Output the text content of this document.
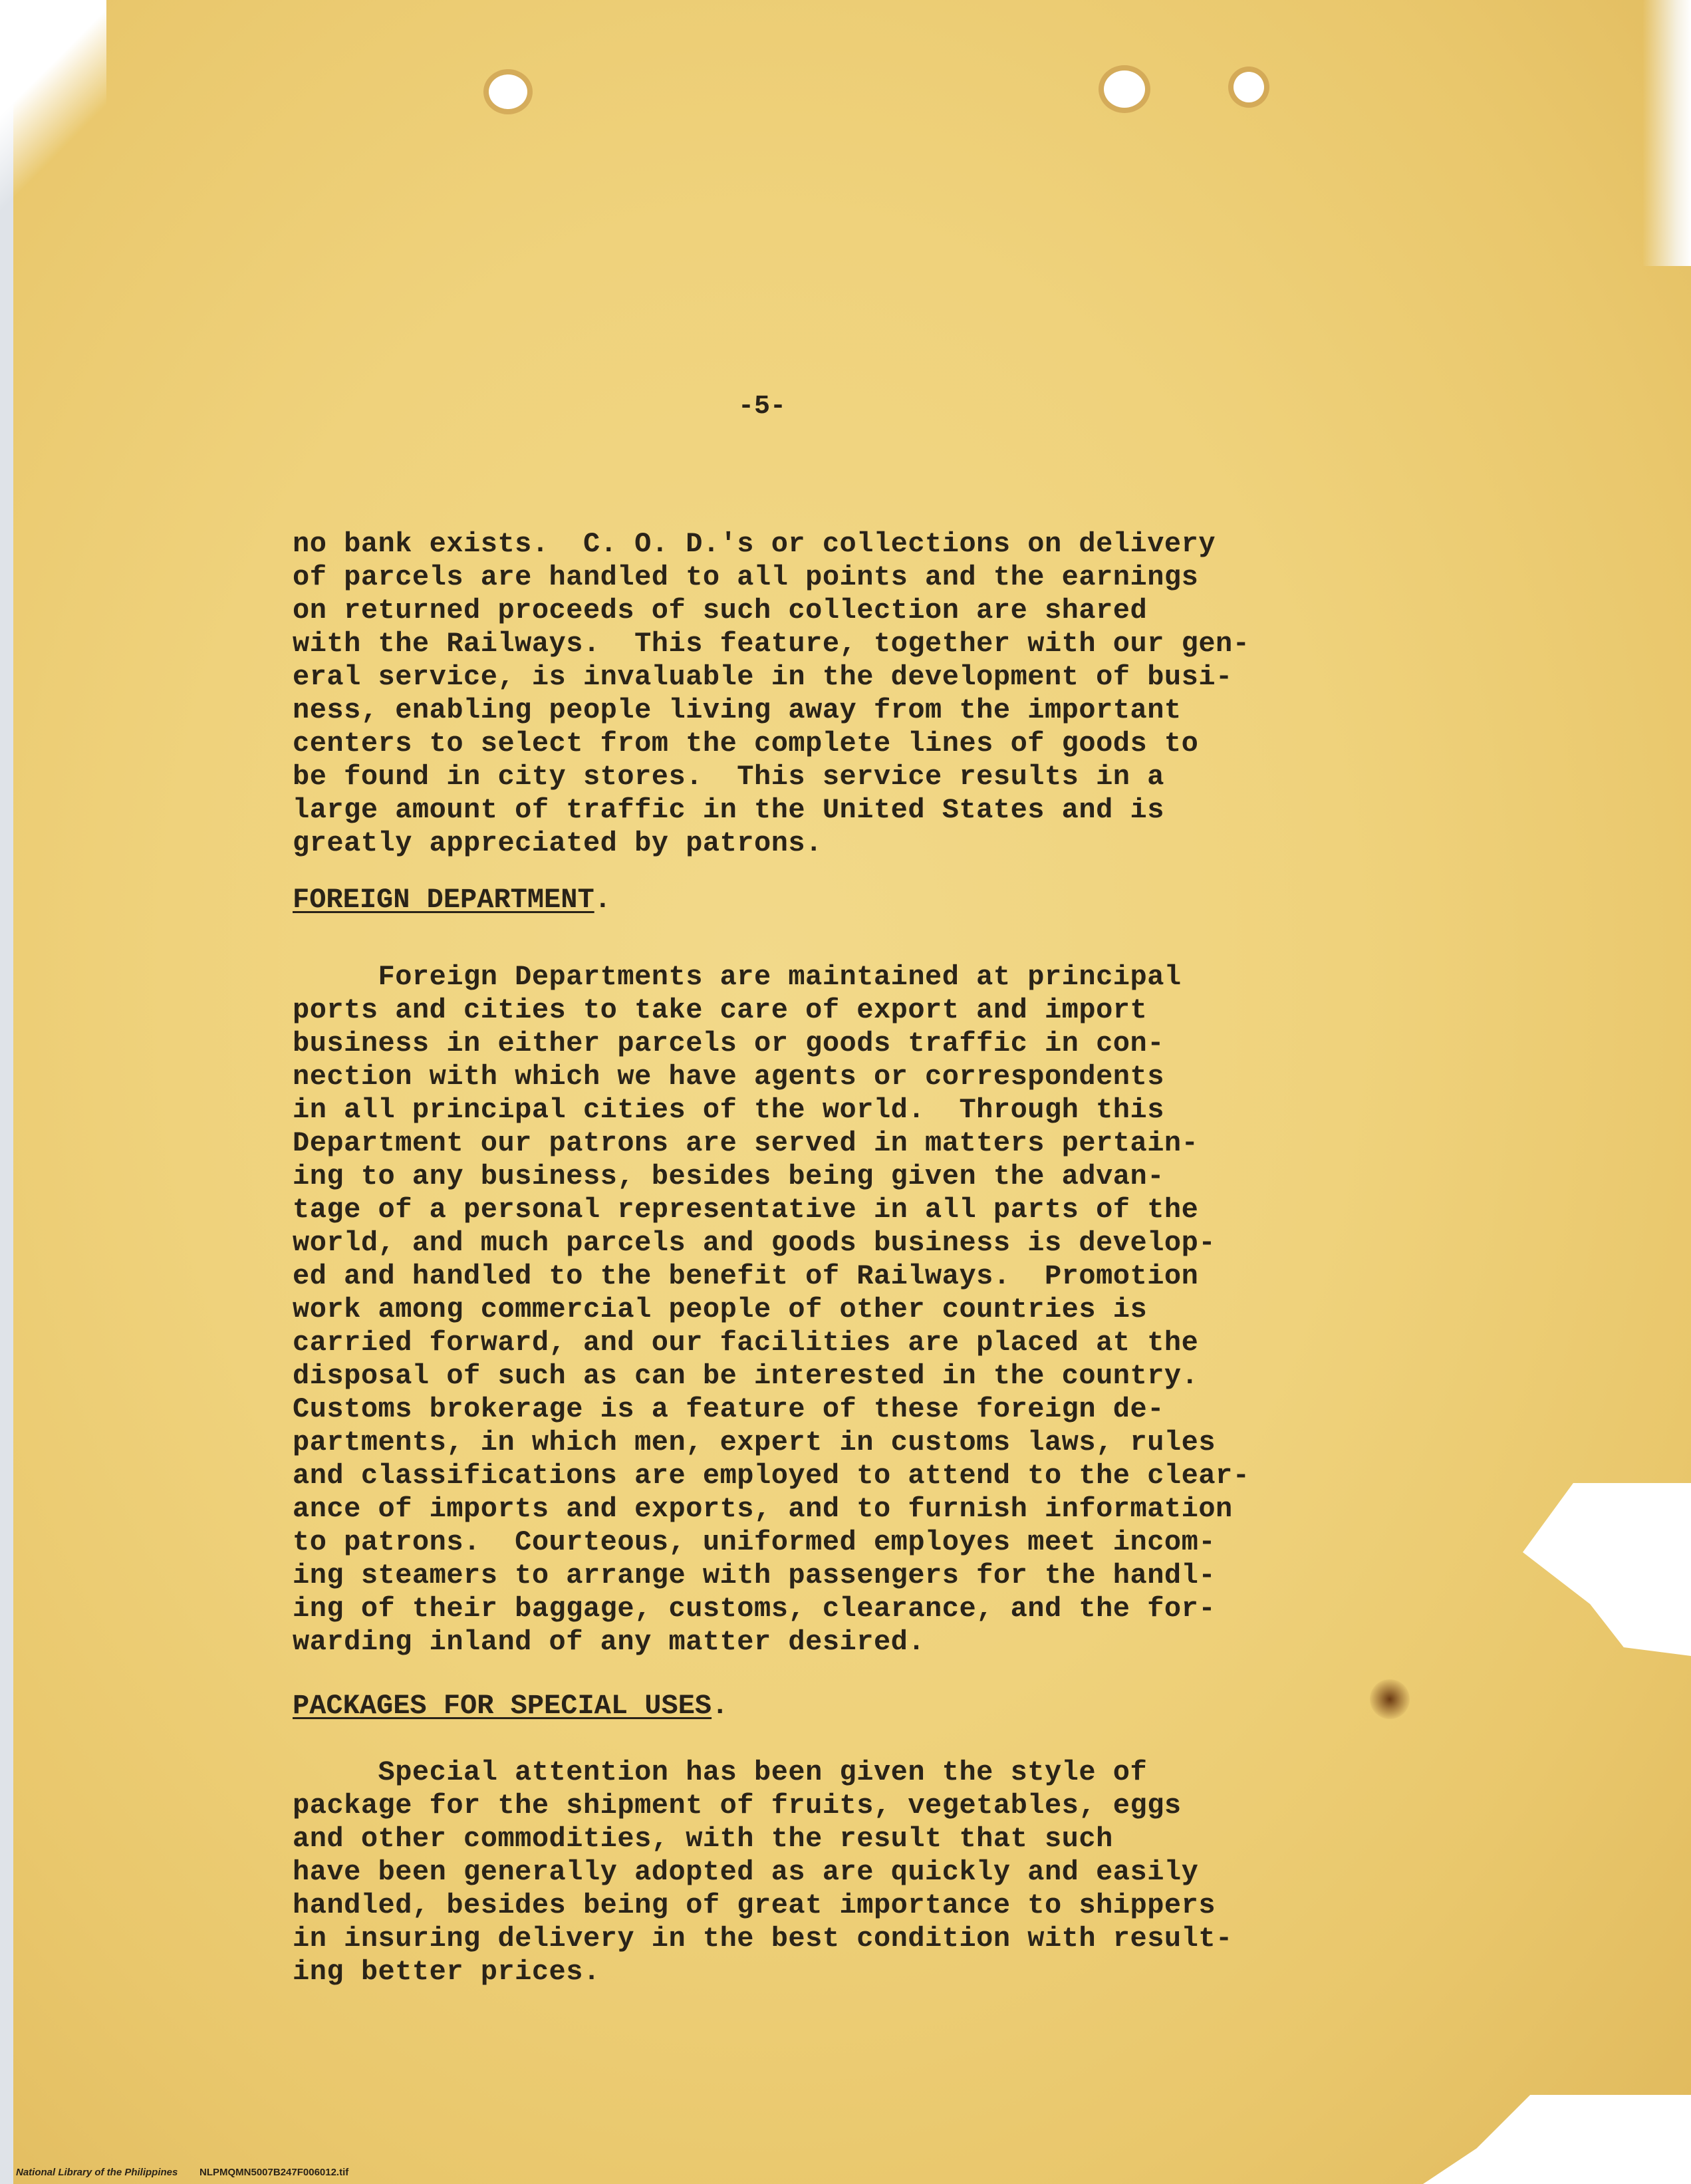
-5-
no bank exists.  C. O. D.'s or collections on delivery
of parcels are handled to all points and the earnings
on returned proceeds of such collection are shared
with the Railways.  This feature, together with our gen-
eral service, is invaluable in the development of busi-
ness, enabling people living away from the important
centers to select from the complete lines of goods to
be found in city stores.  This service results in a
large amount of traffic in the United States and is
greatly appreciated by patrons.
FOREIGN DEPARTMENT.
Foreign Departments are maintained at principal
ports and cities to take care of export and import
business in either parcels or goods traffic in con-
nection with which we have agents or correspondents
in all principal cities of the world.  Through this
Department our patrons are served in matters pertain-
ing to any business, besides being given the advan-
tage of a personal representative in all parts of the
world, and much parcels and goods business is develop-
ed and handled to the benefit of Railways.  Promotion
work among commercial people of other countries is
carried forward, and our facilities are placed at the
disposal of such as can be interested in the country.
Customs brokerage is a feature of these foreign de-
partments, in which men, expert in customs laws, rules
and classifications are employed to attend to the clear-
ance of imports and exports, and to furnish information
to patrons.  Courteous, uniformed employes meet incom-
ing steamers to arrange with passengers for the handl-
ing of their baggage, customs, clearance, and the for-
warding inland of any matter desired.
PACKAGES FOR SPECIAL USES.
Special attention has been given the style of
package for the shipment of fruits, vegetables, eggs
and other commodities, with the result that such
have been generally adopted as are quickly and easily
handled, besides being of great importance to shippers
in insuring delivery in the best condition with result-
ing better prices.
National Library of the Philippines NLPMQMN5007B247F006012.tif
